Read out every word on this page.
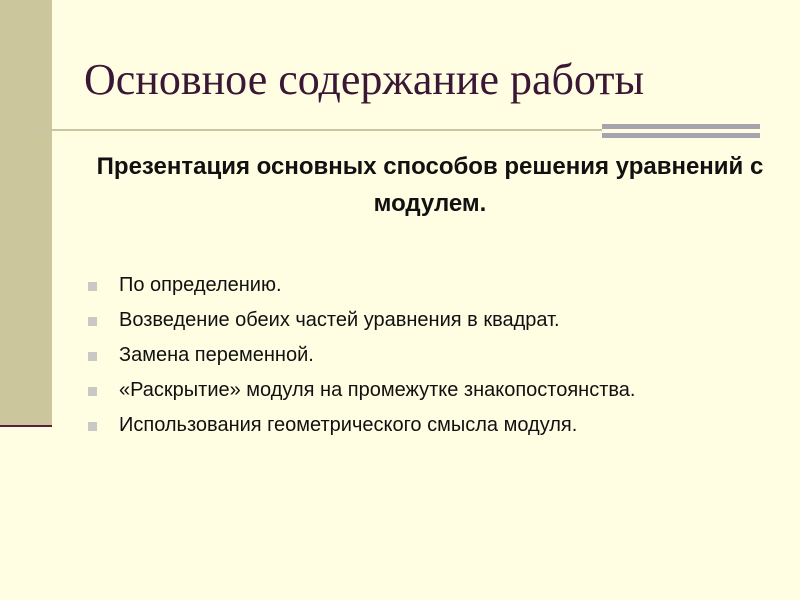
Основное содержание работы
Презентация основных способов решения уравнений с модулем.
По определению.
Возведение обеих частей уравнения в квадрат.
Замена переменной.
«Раскрытие» модуля на промежутке знакопостоянства.
Использования геометрического смысла модуля.
